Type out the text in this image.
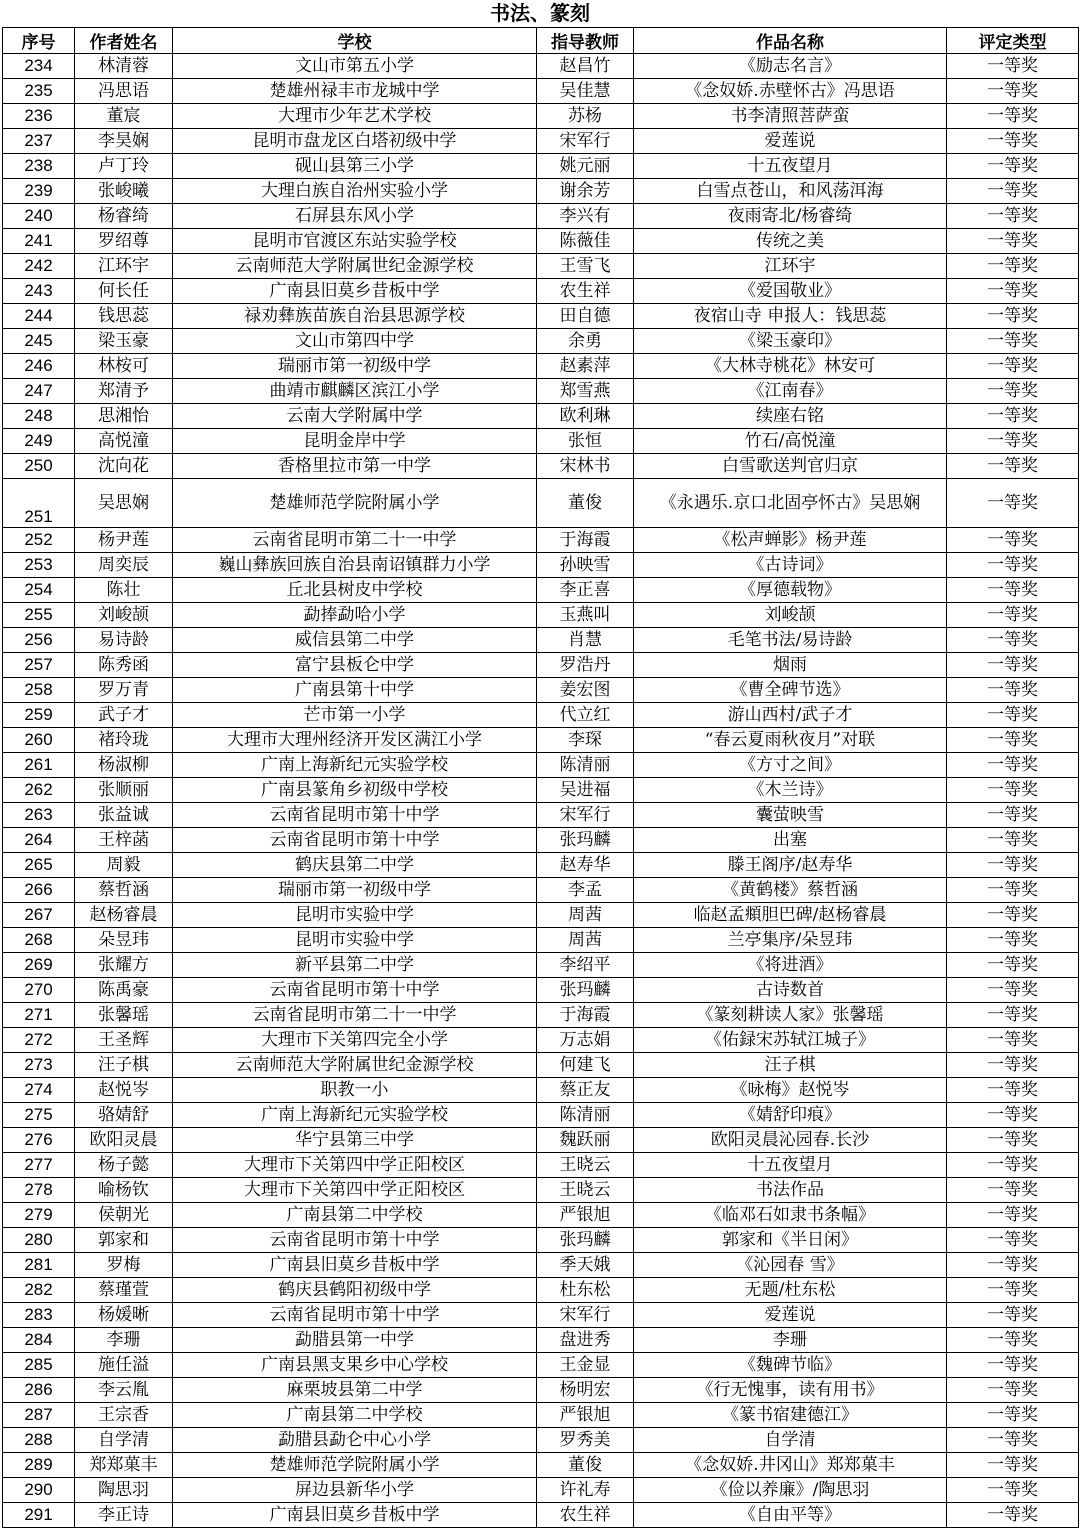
书法、篆刻
序号	作者姓名	学校	指导教师	作品名称	评定类型
234	林清蓉	文山市第五小学	赵昌竹	《励志名言》	一等奖
235	冯思语	楚雄州禄丰市龙城中学	吴佳慧	《念奴娇.赤壁怀古》冯思语	一等奖
236	董宸	大理市少年艺术学校	苏杨	书李清照菩萨蛮	一等奖
237	李昊娴	昆明市盘龙区白塔初级中学	宋军行	爱莲说	一等奖
238	卢丁玲	砚山县第三小学	姚元丽	十五夜望月	一等奖
239	张峻曦	大理白族自治州实验小学	谢余芳	白雪点苍山，和风荡洱海	一等奖
240	杨睿绮	石屏县东风小学	李兴有	夜雨寄北/杨睿绮	一等奖
241	罗绍尊	昆明市官渡区东站实验学校	陈薇佳	传统之美	一等奖
242	江环宇	云南师范大学附属世纪金源学校	王雪飞	江环宇	一等奖
243	何长任	广南县旧莫乡昔板中学	农生祥	《爱国敬业》	一等奖
244	钱思蕊	禄劝彝族苗族自治县思源学校	田自德	夜宿山寺 申报人：钱思蕊	一等奖
245	梁玉豪	文山市第四中学	余勇	《梁玉豪印》	一等奖
246	林桉可	瑞丽市第一初级中学	赵素萍	《大林寺桃花》林安可	一等奖
247	郑清予	曲靖市麒麟区滨江小学	郑雪燕	《江南春》	一等奖
248	思湘怡	云南大学附属中学	欧利琳	续座右铭	一等奖
249	高悦潼	昆明金岸中学	张恒	竹石/高悦潼	一等奖
250	沈向花	香格里拉市第一中学	宋林书	白雪歌送判官归京	一等奖
251	吴思娴	楚雄师范学院附属小学	董俊	《永遇乐.京口北固亭怀古》吴思娴	一等奖
252	杨尹莲	云南省昆明市第二十一中学	于海霞	《松声蝉影》杨尹莲	一等奖
253	周奕辰	巍山彝族回族自治县南诏镇群力小学	孙映雪	《古诗词》	一等奖
254	陈壮	丘北县树皮中学校	李正喜	《厚德载物》	一等奖
255	刘峻颉	勐捧勐哈小学	玉燕叫	刘峻颉	一等奖
256	易诗龄	威信县第二中学	肖慧	毛笔书法/易诗龄	一等奖
257	陈秀函	富宁县板仑中学	罗浩丹	烟雨	一等奖
258	罗万青	广南县第十中学	姜宏图	《曹全碑节选》	一等奖
259	武子才	芒市第一小学	代立红	游山西村/武子才	一等奖
260	褚玲珑	大理市大理州经济开发区满江小学	李琛	“春云夏雨秋夜月”对联	一等奖
261	杨淑柳	广南上海新纪元实验学校	陈清丽	《方寸之间》	一等奖
262	张顺丽	广南县篆角乡初级中学校	吴进福	《木兰诗》	一等奖
263	张益诚	云南省昆明市第十中学	宋军行	囊萤映雪	一等奖
264	王梓菡	云南省昆明市第十中学	张玛麟	出塞	一等奖
265	周毅	鹤庆县第二中学	赵寿华	滕王阁序/赵寿华	一等奖
266	蔡哲涵	瑞丽市第一初级中学	李孟	《黄鹤楼》蔡哲涵	一等奖
267	赵杨睿晨	昆明市实验中学	周茜	临赵孟頫胆巴碑/赵杨睿晨	一等奖
268	朵昱玮	昆明市实验中学	周茜	兰亭集序/朵昱玮	一等奖
269	张耀方	新平县第二中学	李绍平	《将进酒》	一等奖
270	陈禹豪	云南省昆明市第十中学	张玛麟	古诗数首	一等奖
271	张馨瑶	云南省昆明市第二十一中学	于海霞	《篆刻耕读人家》张馨瑶	一等奖
272	王圣辉	大理市下关第四完全小学	万志娟	《佑録宋苏轼江城子》	一等奖
273	汪子棋	云南师范大学附属世纪金源学校	何建飞	汪子棋	一等奖
274	赵悦岑	职教一小	蔡正友	《咏梅》赵悦岑	一等奖
275	骆婧舒	广南上海新纪元实验学校	陈清丽	《婧舒印痕》	一等奖
276	欧阳灵晨	华宁县第三中学	魏跃丽	欧阳灵晨沁园春.长沙	一等奖
277	杨子懿	大理市下关第四中学正阳校区	王晓云	十五夜望月	一等奖
278	喻杨钦	大理市下关第四中学正阳校区	王晓云	书法作品	一等奖
279	侯朝光	广南县第二中学校	严银旭	《临邓石如隶书条幅》	一等奖
280	郭家和	云南省昆明市第十中学	张玛麟	郭家和《半日闲》	一等奖
281	罗梅	广南县旧莫乡昔板中学	季天娥	《沁园春 雪》	一等奖
282	蔡瑾萱	鹤庆县鹤阳初级中学	杜东松	无题/杜东松	一等奖
283	杨媛晰	云南省昆明市第十中学	宋军行	爱莲说	一等奖
284	李珊	勐腊县第一中学	盘进秀	李珊	一等奖
285	施任溢	广南县黑支果乡中心学校	王金显	《魏碑节临》	一等奖
286	李云胤	麻栗坡县第二中学	杨明宏	《行无愧事，读有用书》	一等奖
287	王宗香	广南县第二中学校	严银旭	《篆书宿建德江》	一等奖
288	自学清	勐腊县勐仑中心小学	罗秀美	自学清	一等奖
289	郑郑菓丰	楚雄师范学院附属小学	董俊	《念奴娇.井冈山》郑郑菓丰	一等奖
290	陶思羽	屏边县新华小学	许礼寿	《俭以养廉》/陶思羽	一等奖
291	李正诗	广南县旧莫乡昔板中学	农生祥	《自由平等》	一等奖
